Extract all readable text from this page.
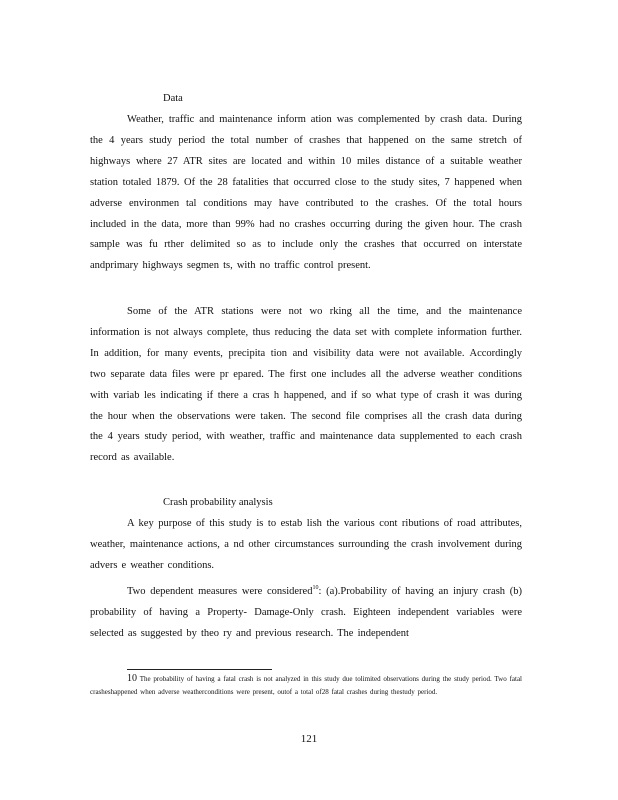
Data

Weather, traffic and maintenance inform ation was complemented by crash data. During the 4 years study period the total number of crashes that happened on the same stretch of highways where 27 ATR sites are located and within 10 miles distance of a suitable weather station totaled 1879. Of the 28 fatalities that occurred close to the study sites, 7 happened when adverse environmen tal conditions may have contributed to the crashes. Of the total hours included in the data, more than 99% had no crashes occurring during the given hour. The crash sample was fu rther delimited so as to include only the crashes that occurred on interstate andprimary highways segmen ts, with no traffic control present.

Some of the ATR stations were not wo rking all the time, and the maintenance information is not always complete, thus reducing the data set with complete information further. In addition, for many events, precipita tion and visibility data were not available. Accordingly two separate data files were pr epared. The first one includes all the adverse weather conditions with variab les indicating if there a cras h happened, and if so what type of crash it was during the hour when the observations were taken. The second file comprises all the crash data during the 4 years study period, with weather, traffic and maintenance data supplemented to each crash record as available.

Crash probability analysis

A key purpose of this study is to estab lish the various cont ributions of road attributes, weather, maintenance actions, a nd other circumstances surrounding the crash involvement during advers e weather conditions.

Two dependent measures were considered$^{10}$: (a).Probability of having an injury crash (b) probability of having a Property- Damage-Only crash. Eighteen independent variables were selected as suggested by theo ry and previous research. The independent

10 The probability of having a fatal crash is not analyzed in this study due tolimited observations during the study period. Two fatal crasheshappened when adverse weatherconditions were present, outof a total of28 fatal crashes during thestudy period.

121
